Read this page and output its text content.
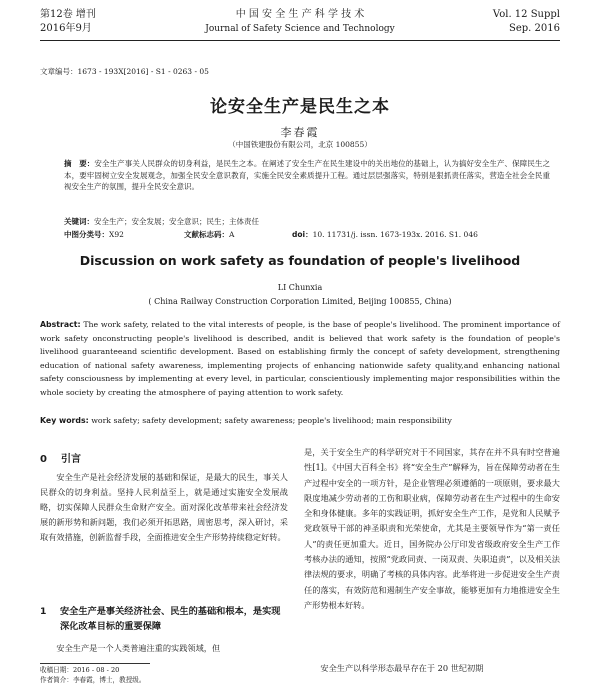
第12卷 增刊
2016年9月
中 国 安 全 生 产 科 学 技 术
Journal of Safety Science and Technology
Vol. 12 Suppl
Sep. 2016
文章编号：1673 - 193X[2016] - S1 - 0263 - 05
论安全生产是民生之本
李春霞
（中国铁建股份有限公司，北京 100855）
摘　要：安全生产事关人民群众的切身利益，是民生之本。在阐述了安全生产在民生建设中的关出地位的基础上，认为搞好安全生产、保障民生之本，要牢固树立安全发展观念，加强全民安全意识教育，实施全民安全素质提升工程。通过层层强落实，特别是狠抓责任落实，营造全社会全民重视安全生产的氛围，提升全民安全意识。
关键词：安全生产；安全发展；安全意识；民生；主体责任
中图分类号：X92	文献标志码：A	doi：10. 11731/j. issn. 1673-193x. 2016. S1. 046
Discussion on work safety as foundation of people's livelihood
LI Chunxia
( China Railway Construction Corporation Limited, Beijing 100855, China)
Abstract: The work safety, related to the vital interests of people, is the base of people's livelihood. The prominent importance of work safety onconstructing people's livelihood is described, andit is believed that work safety is the foundation of people's livelihood guaranteeand scientific development. Based on establishing firmly the concept of safety development, strengthening education of national safety awareness, implementing projects of enhancing nationwide safety quality,and enhancing national safety consciousness by implementing at every level, in particular, conscientiously implementing major responsibilities within the whole society by creating the atmosphere of paying attention to work safety.
Key words: work safety; safety development; safety awareness; people's livelihood; main responsibility
0 引言
安全生产是社会经济发展的基础和保证，是最大的民生，事关人民群众的切身利益。坚持人民利益至上，就是通过实施安全发展战略，切实保障人民群众生命财产安全。面对深化改革带来社会经济发展的新形势和新问题，我们必须开拓思路，周密思考，深入研讨，采取有效措施，创新监督手段，全面推进安全生产形势持续稳定好转。
1	安全生产是事关经济社会、民生的基础和根本，是实现深化改革目标的重要保障
安全生产是一个人类普遍注重的实践领域，但
收稿日期：2016 - 08 - 20
作者简介：李春霞，博士，教授级。
是，关于安全生产的科学研究对于不同国家，其存在并不具有时空普遍性[1]。《中国大百科全书》将“安全生产”解释为，旨在保障劳动者在生产过程中安全的一项方针，是企业管理必须遵循的一项原则，要求最大限度地减少劳动者的工伤和职业病，保障劳动者在生产过程中的生命安全和身体健康。多年的实践证明，抓好安全生产工作，是党和人民赋予党政领导干部的神圣职责和光荣使命，尤其是主要领导作为“第一责任人”的责任更加重大。近日，国务院办公厅印发省级政府安全生产工作考核办法的通知，按照“党政同责、一岗双责、失职追责”，以及相关法律法规的要求，明确了考核的具体内容。此举将进一步促进安全生产责任的落实，有效防范和遏制生产安全事故，能够更加有力地推进安全生产形势根本好转。
安全生产以科学形态最早存在于 20 世纪初期
